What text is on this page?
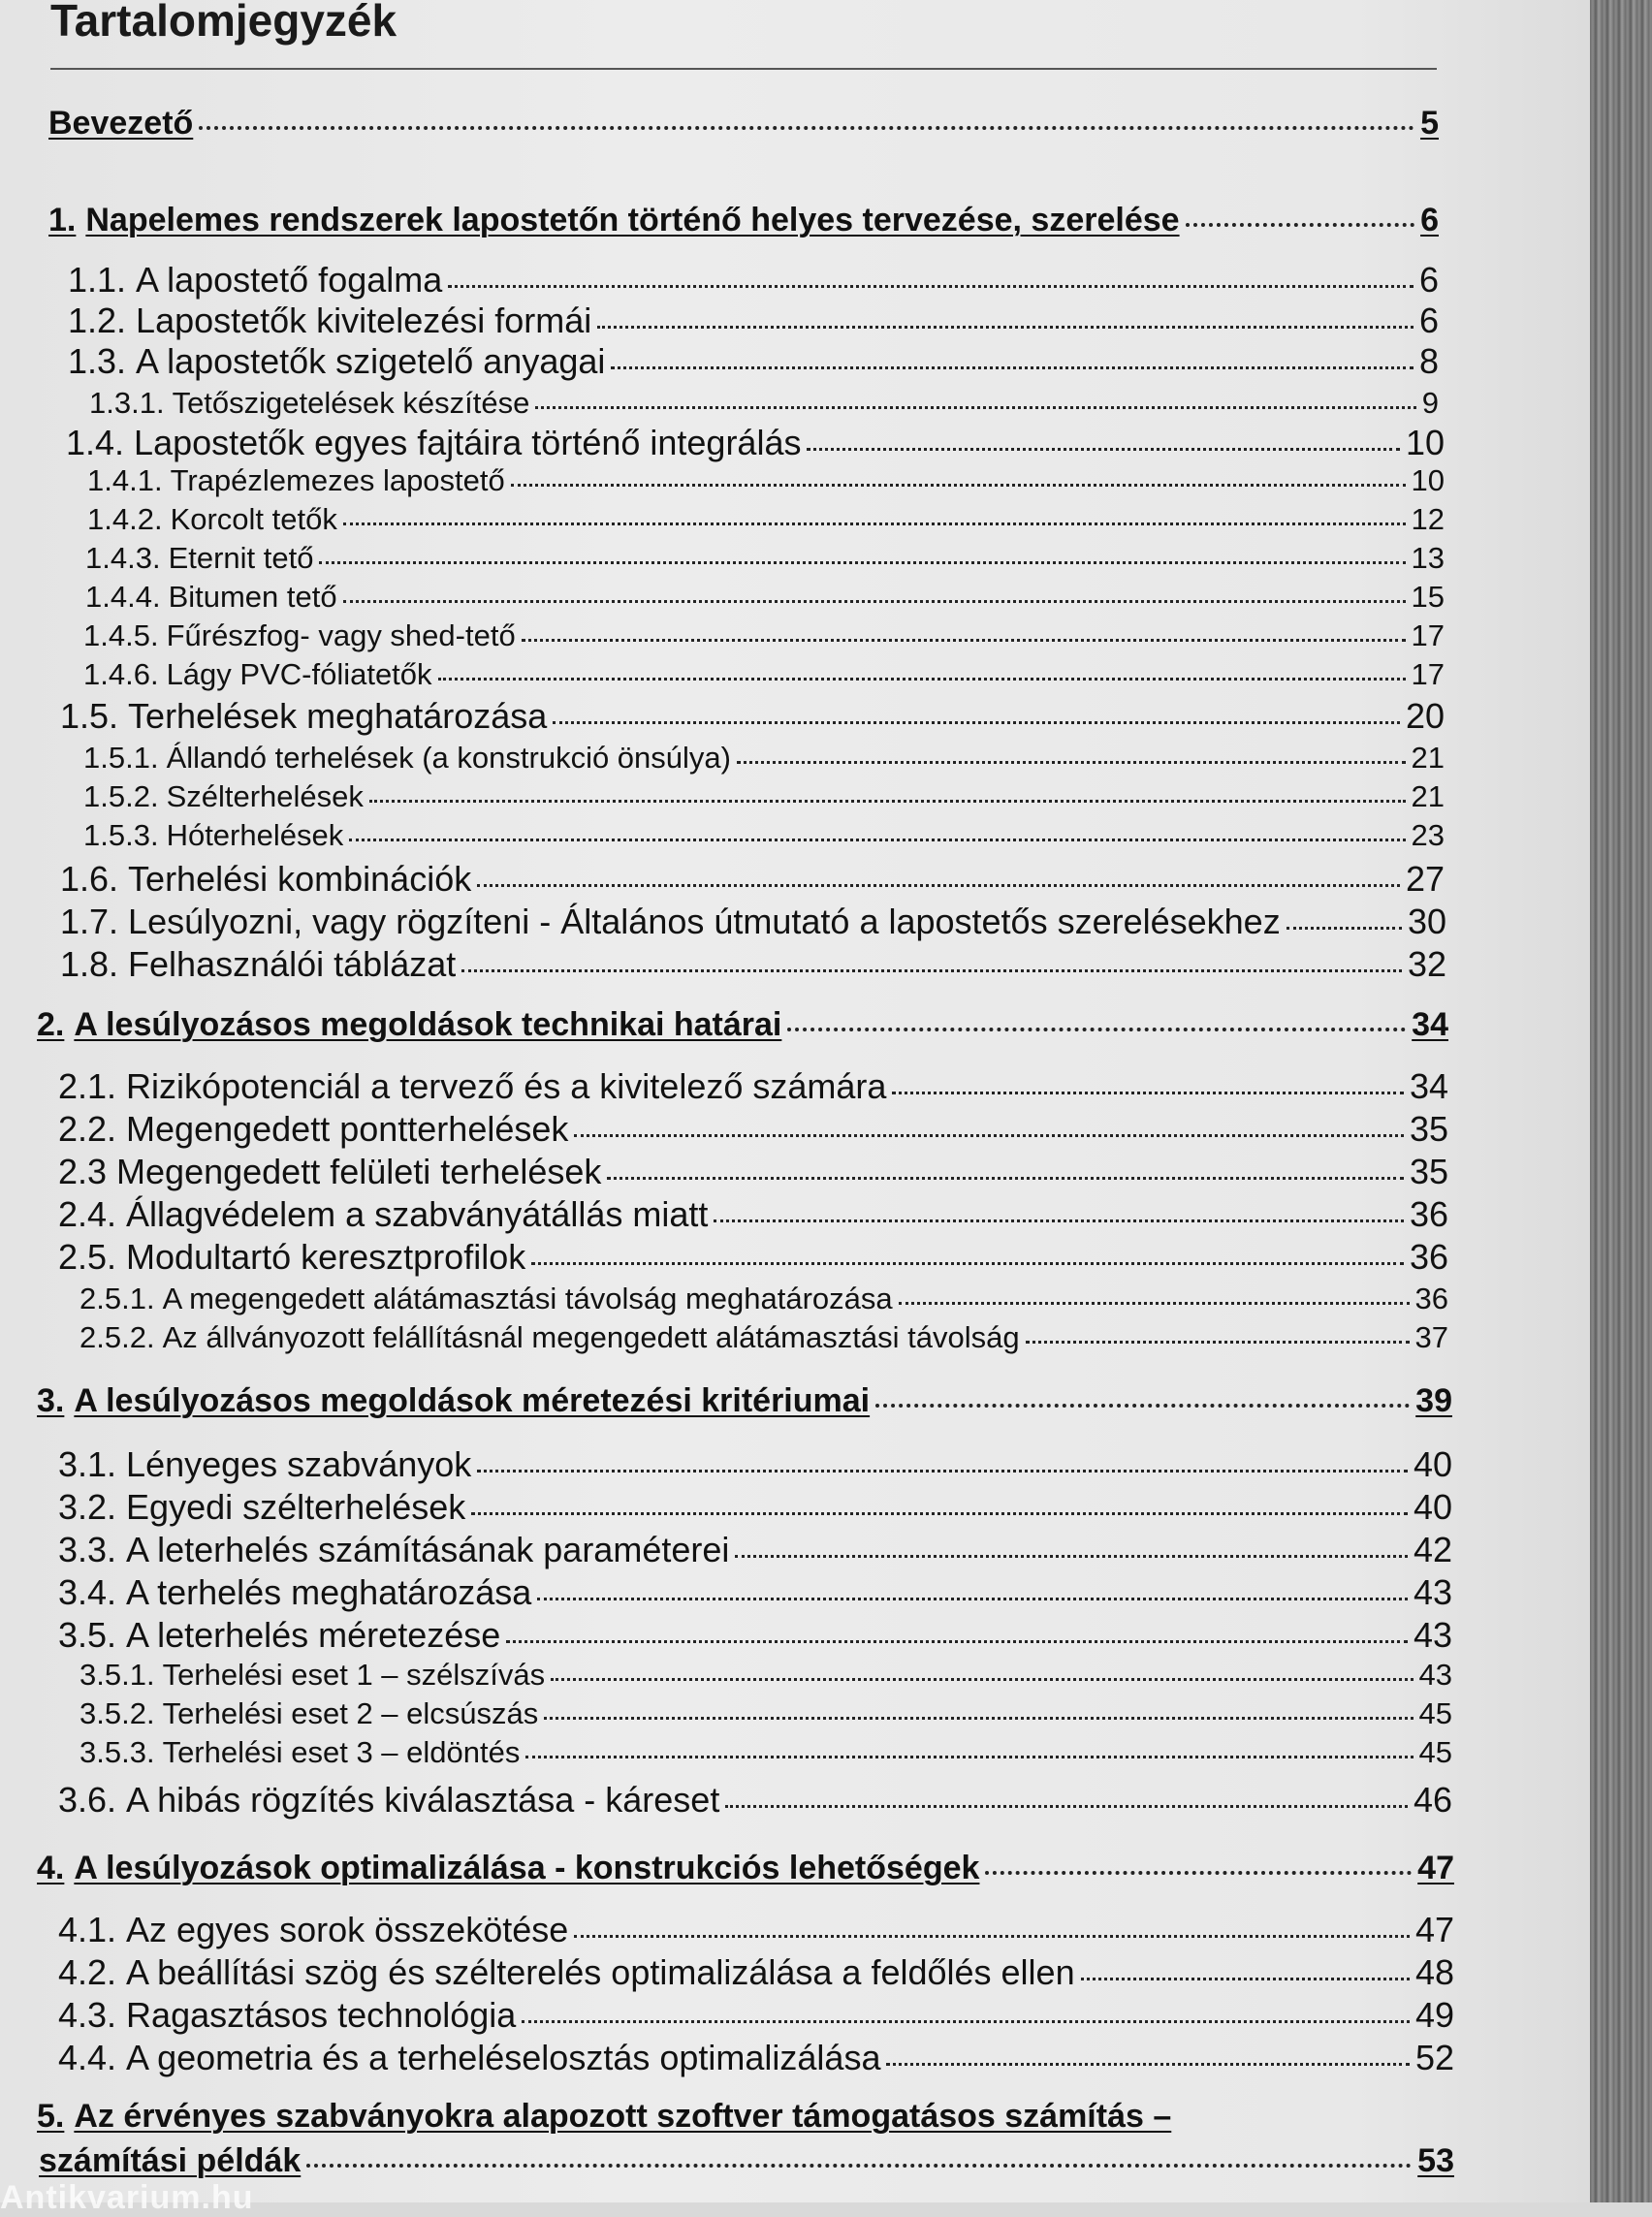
Tartalomjegyzék
Bevezető	5
1. Napelemes rendszerek lapostetőn történő helyes tervezése, szerelése	6
1.1. A lapostető fogalma	6
1.2. Lapostetők kivitelezési formái	6
1.3. A lapostetők szigetelő anyagai	8
1.3.1. Tetőszigetelések készítése	9
1.4. Lapostetők egyes fajtáira történő integrálás	10
1.4.1. Trapézlemezes lapostető	10
1.4.2. Korcolt tetők	12
1.4.3. Eternit tető	13
1.4.4. Bitumen tető	15
1.4.5. Fűrészfog- vagy shed-tető	17
1.4.6. Lágy PVC-fóliatetők	17
1.5. Terhelések meghatározása	20
1.5.1. Állandó terhelések (a konstrukció önsúlya)	21
1.5.2. Szélterhelések	21
1.5.3. Hóterhelések	23
1.6. Terhelési kombinációk	27
1.7. Lesúlyozni, vagy rögzíteni - Általános útmutató a lapostetős szerelésekhez	30
1.8. Felhasználói táblázat	32
2. A lesúlyozásos megoldások technikai határai	34
2.1. Rizikópotenciál a tervező és a kivitelező számára	34
2.2. Megengedett pontterhelések	35
2.3 Megengedett felületi terhelések	35
2.4. Állagvédelem a szabványátállás miatt	36
2.5. Modultartó keresztprofilok	36
2.5.1. A megengedett alátámasztási távolság meghatározása	36
2.5.2. Az állványozott felállításnál megengedett alátámasztási távolság	37
3. A lesúlyozásos megoldások méretezési kritériumai	39
3.1. Lényeges szabványok	40
3.2. Egyedi szélterhelések	40
3.3. A leterhelés számításának paraméterei	42
3.4. A terhelés meghatározása	43
3.5. A leterhelés méretezése	43
3.5.1. Terhelési eset 1 – szélszívás	43
3.5.2. Terhelési eset 2 – elcsúszás	45
3.5.3. Terhelési eset 3 – eldöntés	45
3.6. A hibás rögzítés kiválasztása - káreset	46
4. A lesúlyozások optimalizálása - konstrukciós lehetőségek	47
4.1. Az egyes sorok összekötése	47
4.2. A beállítási szög és szélterelés optimalizálása a feldőlés ellen	48
4.3. Ragasztásos technológia	49
4.4. A geometria és a terheléselosztás optimalizálása	52
5. Az érvényes szabványokra alapozott szoftver támogatásos számítás –
számítási példák	53
Antikvarium.hu
